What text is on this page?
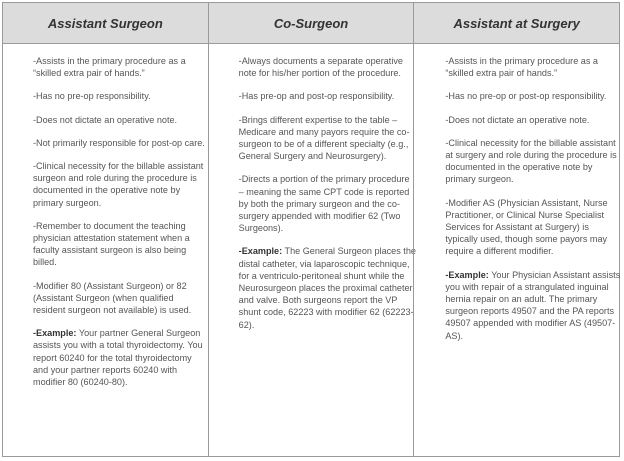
Assistant Surgeon	Co-Surgeon	Assistant at Surgery

-Assists in the primary procedure as a “skilled extra pair of hands.”

-Has no pre-op responsibility.

-Does not dictate an operative note.

-Not primarily responsible for post-op care.

-Clinical necessity for the billable assistant surgeon and role during the procedure is documented in the operative note by primary surgeon.

-Remember to document the teaching physician attestation statement when a faculty assistant surgeon is also being billed.

-Modifier 80 (Assistant Surgeon) or 82 (Assistant Surgeon (when qualified resident surgeon not available) is used.

-Example: Your partner General Surgeon assists you with a total thyroidectomy. You report 60240 for the total thyroidectomy and your partner reports 60240 with modifier 80 (60240-80).

-Always documents a separate operative note for his/her portion of the procedure.

-Has pre-op and post-op responsibility.

-Brings different expertise to the table – Medicare and many payors require the co-surgeon to be of a different specialty (e.g., General Surgery and Neurosurgery).

-Directs a portion of the primary procedure – meaning the same CPT code is reported by both the primary surgeon and the co-surgery appended with modifier 62 (Two Surgeons).

-Example: The General Surgeon places the distal catheter, via laparoscopic technique, for a ventriculo-peritoneal shunt while the Neurosurgeon places the proximal catheter and valve. Both surgeons report the VP shunt code, 62223 with modifier 62 (62223-62).

-Assists in the primary procedure as a “skilled extra pair of hands.”

-Has no pre-op or post-op responsibility.

-Does not dictate an operative note.

-Clinical necessity for the billable assistant at surgery and role during the procedure is documented in the operative note by primary surgeon.

-Modifier AS (Physician Assistant, Nurse Practitioner, or Clinical Nurse Specialist Services for Assistant at Surgery) is typically used, though some payors may require a different modifier.

-Example: Your Physician Assistant assists you with repair of a strangulated inguinal hernia repair on an adult. The primary surgeon reports 49507 and the PA reports 49507 appended with modifier AS (49507-AS).
